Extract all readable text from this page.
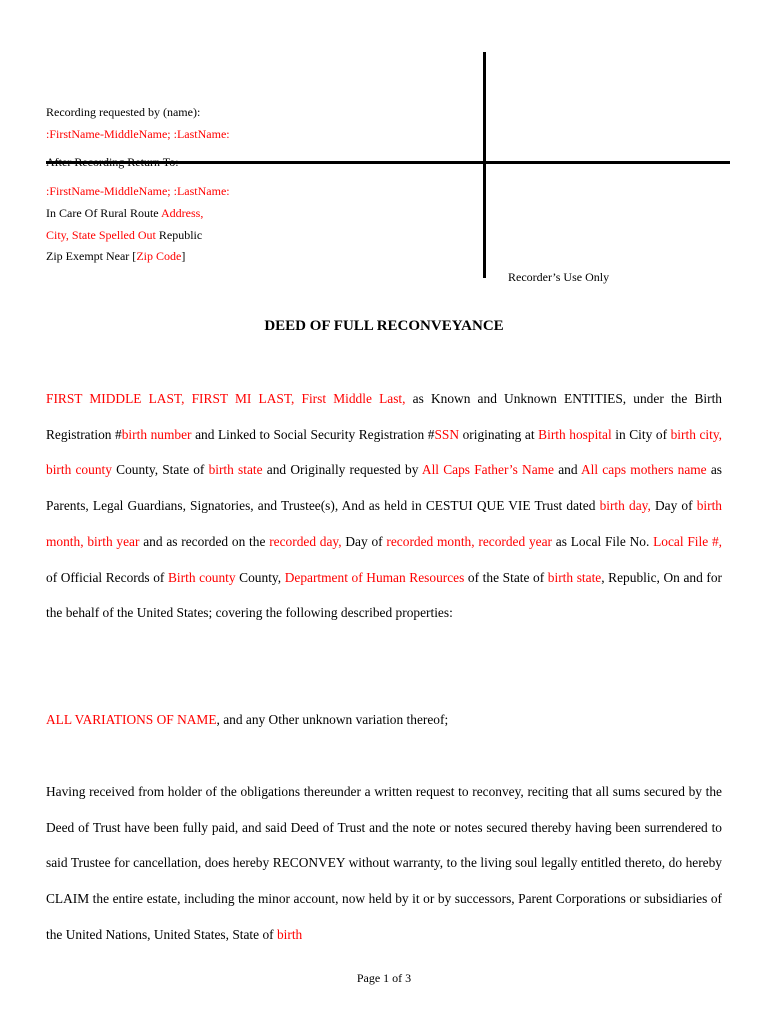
Recording requested by (name):
:FirstName-MiddleName; :LastName:
:FirstName-MiddleName; :LastName:
In Care Of Rural Route Address,
City, State Spelled Out Republic
Zip Exempt Near [Zip Code]
Recorder’s Use Only
DEED OF FULL RECONVEYANCE
FIRST MIDDLE LAST, FIRST MI LAST, First Middle Last, as Known and Unknown ENTITIES, under the Birth Registration #birth number and Linked to Social Security Registration #SSN originating at Birth hospital in City of birth city, birth county County, State of birth state and Originally requested by All Caps Father’s Name and All caps mothers name as Parents, Legal Guardians, Signatories, and Trustee(s), And as held in CESTUI QUE VIE Trust dated birth day, Day of birth month, birth year and as recorded on the recorded day, Day of recorded month, recorded year as Local File No. Local File #, of Official Records of Birth county County, Department of Human Resources of the State of birth state, Republic, On and for the behalf of the United States; covering the following described properties:
ALL VARIATIONS OF NAME, and any Other unknown variation thereof;
Having received from holder of the obligations thereunder a written request to reconvey, reciting that all sums secured by the Deed of Trust have been fully paid, and said Deed of Trust and the note or notes secured thereby having been surrendered to said Trustee for cancellation, does hereby RECONVEY without warranty, to the living soul legally entitled thereto, do hereby CLAIM the entire estate, including the minor account, now held by it or by successors, Parent Corporations or subsidiaries of the United Nations, United States, State of birth
Page 1 of 3
